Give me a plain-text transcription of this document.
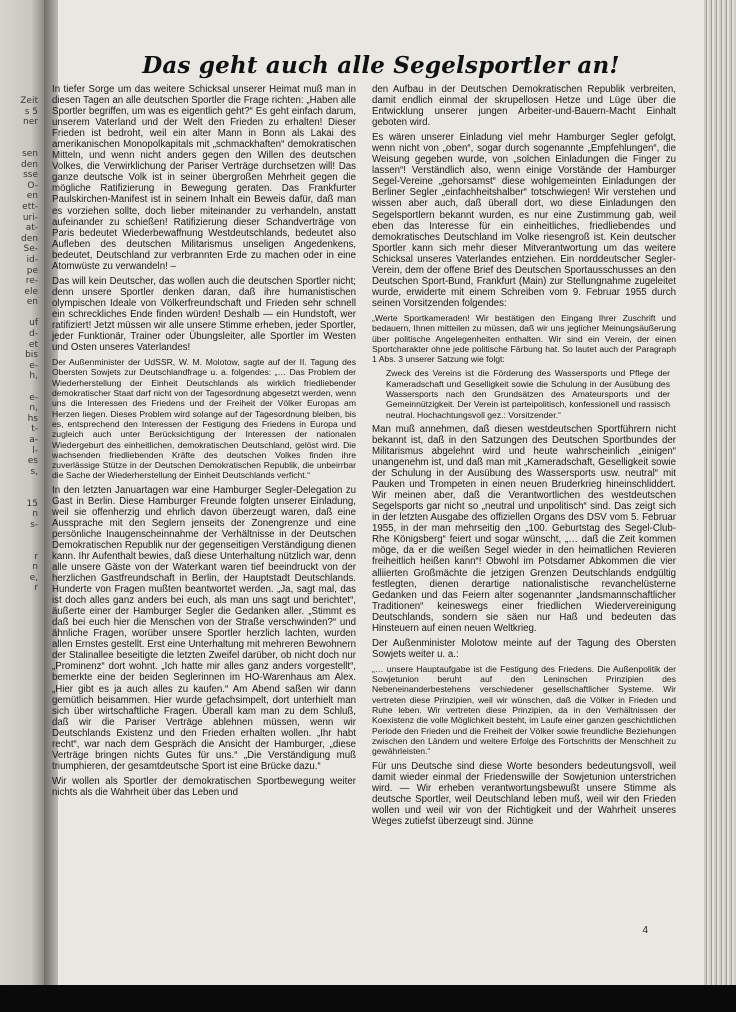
Zeit
s 5
ner

sen
den
sse
O-
en
ett-
uri-
at-
den
Se-
id-
pe
re-
ele
en

uf
d-
et
bis
e-
h,

e-
n,
hs
t-
a-
l-
es
s,

15
n
s-

r
n
e,
r
Das geht auch alle Segelsportler an!

In tiefer Sorge um das weitere Schicksal unserer Heimat muß man in diesen Tagen an alle deutschen Sportler die Frage richten: „Haben alle Sportler begriffen, um was es eigentlich geht?“ Es geht einfach darum, unserem Vaterland und der Welt den Frieden zu erhalten! Dieser Frieden ist bedroht, weil ein alter Mann in Bonn als Lakai des amerikanischen Monopolkapitals mit „schmackhaften“ demokratischen Mitteln, und wenn nicht anders gegen den Willen des deutschen Volkes, die Verwirklichung der Pariser Verträge durchsetzen will! Das ganze deutsche Volk ist in seiner übergroßen Mehrheit gegen die mögliche Ratifizierung in Bewegung geraten. Das Frankfurter Paulskirchen-Manifest ist in seinem Inhalt ein Beweis dafür, daß man es vorziehen sollte, doch lieber miteinander zu verhandeln, anstatt aufeinander zu schießen! Ratifizierung dieser Schandverträge von Paris bedeutet Wiederbewaffnung Westdeutschlands, bedeutet also Aufleben des deutschen Militarismus unseligen Angedenkens, bedeutet, Deutschland zur verbrannten Erde zu machen oder in eine Atomwüste zu verwandeln! –

Das will kein Deutscher, das wollen auch die deutschen Sportler nicht; denn unsere Sportler denken daran, daß ihre humanistischen olympischen Ideale von Völkerfreundschaft und Frieden sehr schnell ein schreckliches Ende finden würden! Deshalb — ein Hundstoft, wer ratifiziert! Jetzt müssen wir alle unsere Stimme erheben, jeder Sportler, jeder Funktionär, Trainer oder Übungsleiter, alle Sportler im Westen und Osten unseres Vaterlandes!

Der Außenminister der UdSSR, W. M. Molotow, sagte auf der II. Tagung des Obersten Sowjets zur Deutschlandfrage u. a. folgendes: „… Das Problem der Wiederherstellung der Einheit Deutschlands als wirklich friedliebender demokratischer Staat darf nicht von der Tagesordnung abgesetzt werden, wenn uns die Interessen des Friedens und der Freiheit der Völker Europas am Herzen liegen. Dieses Problem wird solange auf der Tagesordnung bleiben, bis es, entsprechend den Interessen der Festigung des Friedens in Europa und zugleich auch unter Berücksichtigung der Interessen der nationalen Wiedergeburt des einheitlichen, demokratischen Deutschland, gelöst wird. Die wachsenden friedliebenden Kräfte des deutschen Volkes finden ihre zuverlässige Stütze in der Deutschen Demokratischen Republik, die unbeirrbar die Sache der Wiederherstellung der Einheit Deutschlands verficht.“

In den letzten Januartagen war eine Hamburger Segler-Delegation zu Gast in Berlin. Diese Hamburger Freunde folgten unserer Einladung, weil sie offenherzig und ehrlich davon überzeugt waren, daß eine Aussprache mit den Seglern jenseits der Zonengrenze und eine persönliche Inaugenscheinnahme der Verhältnisse in der Deutschen Demokratischen Republik nur der gegenseitigen Verständigung dienen kann. Ihr Aufenthalt bewies, daß diese Unterhaltung nützlich war, denn alle unsere Gäste von der Waterkant waren tief beeindruckt von der herzlichen Gastfreundschaft in Berlin, der Hauptstadt Deutschlands. Hunderte von Fragen mußten beantwortet werden. „Ja, sagt mal, das ist doch alles ganz anders bei euch, als man uns sagt und berichtet“, äußerte einer der Hamburger Segler die Gedanken aller. „Stimmt es daß bei euch hier die Menschen von der Straße verschwinden?“ und ähnliche Fragen, worüber unsere Sportler herzlich lachten, wurden allen Ernstes gestellt. Erst eine Unterhaltung mit mehreren Bewohnern der Stalinallee beseitigte die letzten Zweifel darüber, ob nicht doch nur „Prominenz“ dort wohnt. „Ich hatte mir alles ganz anders vorgestellt“, bemerkte eine der beiden Seglerinnen im HO-Warenhaus am Alex. „Hier gibt es ja auch alles zu kaufen.“ Am Abend saßen wir dann gemütlich beisammen. Hier wurde gefachsimpelt, dort unterhielt man sich über wirtschaftliche Fragen. Überall kam man zu dem Schluß, daß wir die Pariser Verträge ablehnen müssen, wenn wir Deutschlands Existenz und den Frieden erhalten wollen. „Ihr habt recht“, war nach dem Gespräch die Ansicht der Hamburger, „diese Verträge bringen nichts Gutes für uns.“ „Die Verständigung muß triumphieren, der gesamtdeutsche Sport ist eine Brücke dazu.“

Wir wollen als Sportler der demokratischen Sportbewegung weiter nichts als die Wahrheit über das Leben und

den Aufbau in der Deutschen Demokratischen Republik verbreiten, damit endlich einmal der skrupellosen Hetze und Lüge über die Entwicklung unserer jungen Arbeiter-und-Bauern-Macht Einhalt geboten wird.

Es wären unserer Einladung viel mehr Hamburger Segler gefolgt, wenn nicht von „oben“, sogar durch sogenannte „Empfehlungen“, die Weisung gegeben wurde, von „solchen Einladungen die Finger zu lassen“! Verständlich also, wenn einige Vorstände der Hamburger Segel-Vereine „gehorsamst“ diese wohlgemeinten Einladungen der Berliner Segler „einfachheitshalber“ totschwiegen! Wir verstehen und wissen aber auch, daß überall dort, wo diese Einladungen den Segelsportlern bekannt wurden, es nur eine Zustimmung gab, weil eben das Interesse für ein einheitliches, friedliebendes und demokratisches Deutschland im Volke riesengroß ist. Kein deutscher Sportler kann sich mehr dieser Mitverantwortung um das weitere Schicksal unseres Vaterlandes entziehen. Ein norddeutscher Segler-Verein, dem der offene Brief des Deutschen Sportausschusses an den Deutschen Sport-Bund, Frankfurt (Main) zur Stellungnahme zugeleitet wurde, erwiderte mit einem Schreiben vom 9. Februar 1955 durch seinen Vorsitzenden folgendes:

„Werte Sportkameraden! Wir bestätigen den Eingang Ihrer Zuschrift und bedauern, Ihnen mitteilen zu müssen, daß wir uns jeglicher Meinungsäußerung über politische Angelegenheiten enthalten. Wir sind ein Verein, der einen Sportcharakter ohne jede politische Färbung hat. So lautet auch der Paragraph 1 Abs. 3 unserer Satzung wie folgt:

Zweck des Vereins ist die Förderung des Wassersports und Pflege der Kameradschaft und Geselligkeit sowie die Schulung in der Ausübung des Wassersports nach den Grundsätzen des Amateursports und der Gemeinnützigkeit. Der Verein ist parteipolitisch, konfessionell und rassisch neutral. Hochachtungsvoll gez.: Vorsitzender.“

Man muß annehmen, daß diesen westdeutschen Sportführern nicht bekannt ist, daß in den Satzungen des Deutschen Sportbundes der Militarismus abgelehnt wird und heute wahrscheinlich „einigen“ unangenehm ist, und daß man mit „Kameradschaft, Geselligkeit sowie der Schulung in der Ausübung des Wassersports usw. neutral“ mit Pauken und Trompeten in einen neuen Bruderkrieg hineinschliddert. Wir meinen aber, daß die Verantwortlichen des westdeutschen Segelsports gar nicht so „neutral und unpolitisch“ sind. Das zeigt sich in der letzten Ausgabe des offiziellen Organs des DSV vom 5. Februar 1955, in der man mehrseitig den „100. Geburtstag des Segel-Club-Rhe Königsberg“ feiert und sogar wünscht, „… daß die Zeit kommen möge, da er die weißen Segel wieder in den heimatlichen Revieren freiheitlich heißen kann“! Obwohl im Potsdamer Abkommen die vier alliierten Großmächte die jetzigen Grenzen Deutschlands endgültig festlegten, dienen derartige nationalistische revanchelüsterne Gedanken und das Feiern alter sogenannter „landsmannschaftlicher Traditionen“ keineswegs einer friedlichen Wiedervereinigung Deutschlands, sondern sie säen nur Haß und bedeuten das Hinsteuern auf einen neuen Weltkrieg.

Der Außenminister Molotow meinte auf der Tagung des Obersten Sowjets weiter u. a.:

„… unsere Hauptaufgabe ist die Festigung des Friedens. Die Außenpolitik der Sowjetunion beruht auf den Leninschen Prinzipien des Nebeneinanderbestehens verschiedener gesellschaftlicher Systeme. Wir vertreten diese Prinzipien, weil wir wünschen, daß die Völker in Frieden und Ruhe leben. Wir vertreten diese Prinzipien, da in den Verhältnissen der Koexistenz die volle Möglichkeit besteht, im Laufe einer ganzen geschichtlichen Periode den Frieden und die Freiheit der Völker sowie freundliche Beziehungen zwischen den Ländern und weitere Erfolge des Fortschritts der Menschheit zu gewährleisten.“

Für uns Deutsche sind diese Worte besonders bedeutungsvoll, weil damit wieder einmal der Friedenswille der Sowjetunion unterstrichen wird. — Wir erheben verantwortungsbewußt unsere Stimme als deutsche Sportler, weil Deutschland leben muß, weil wir den Frieden wollen und weil wir von der Richtigkeit und der Wahrheit unseres Weges zutiefst überzeugt sind. Jünne

4
